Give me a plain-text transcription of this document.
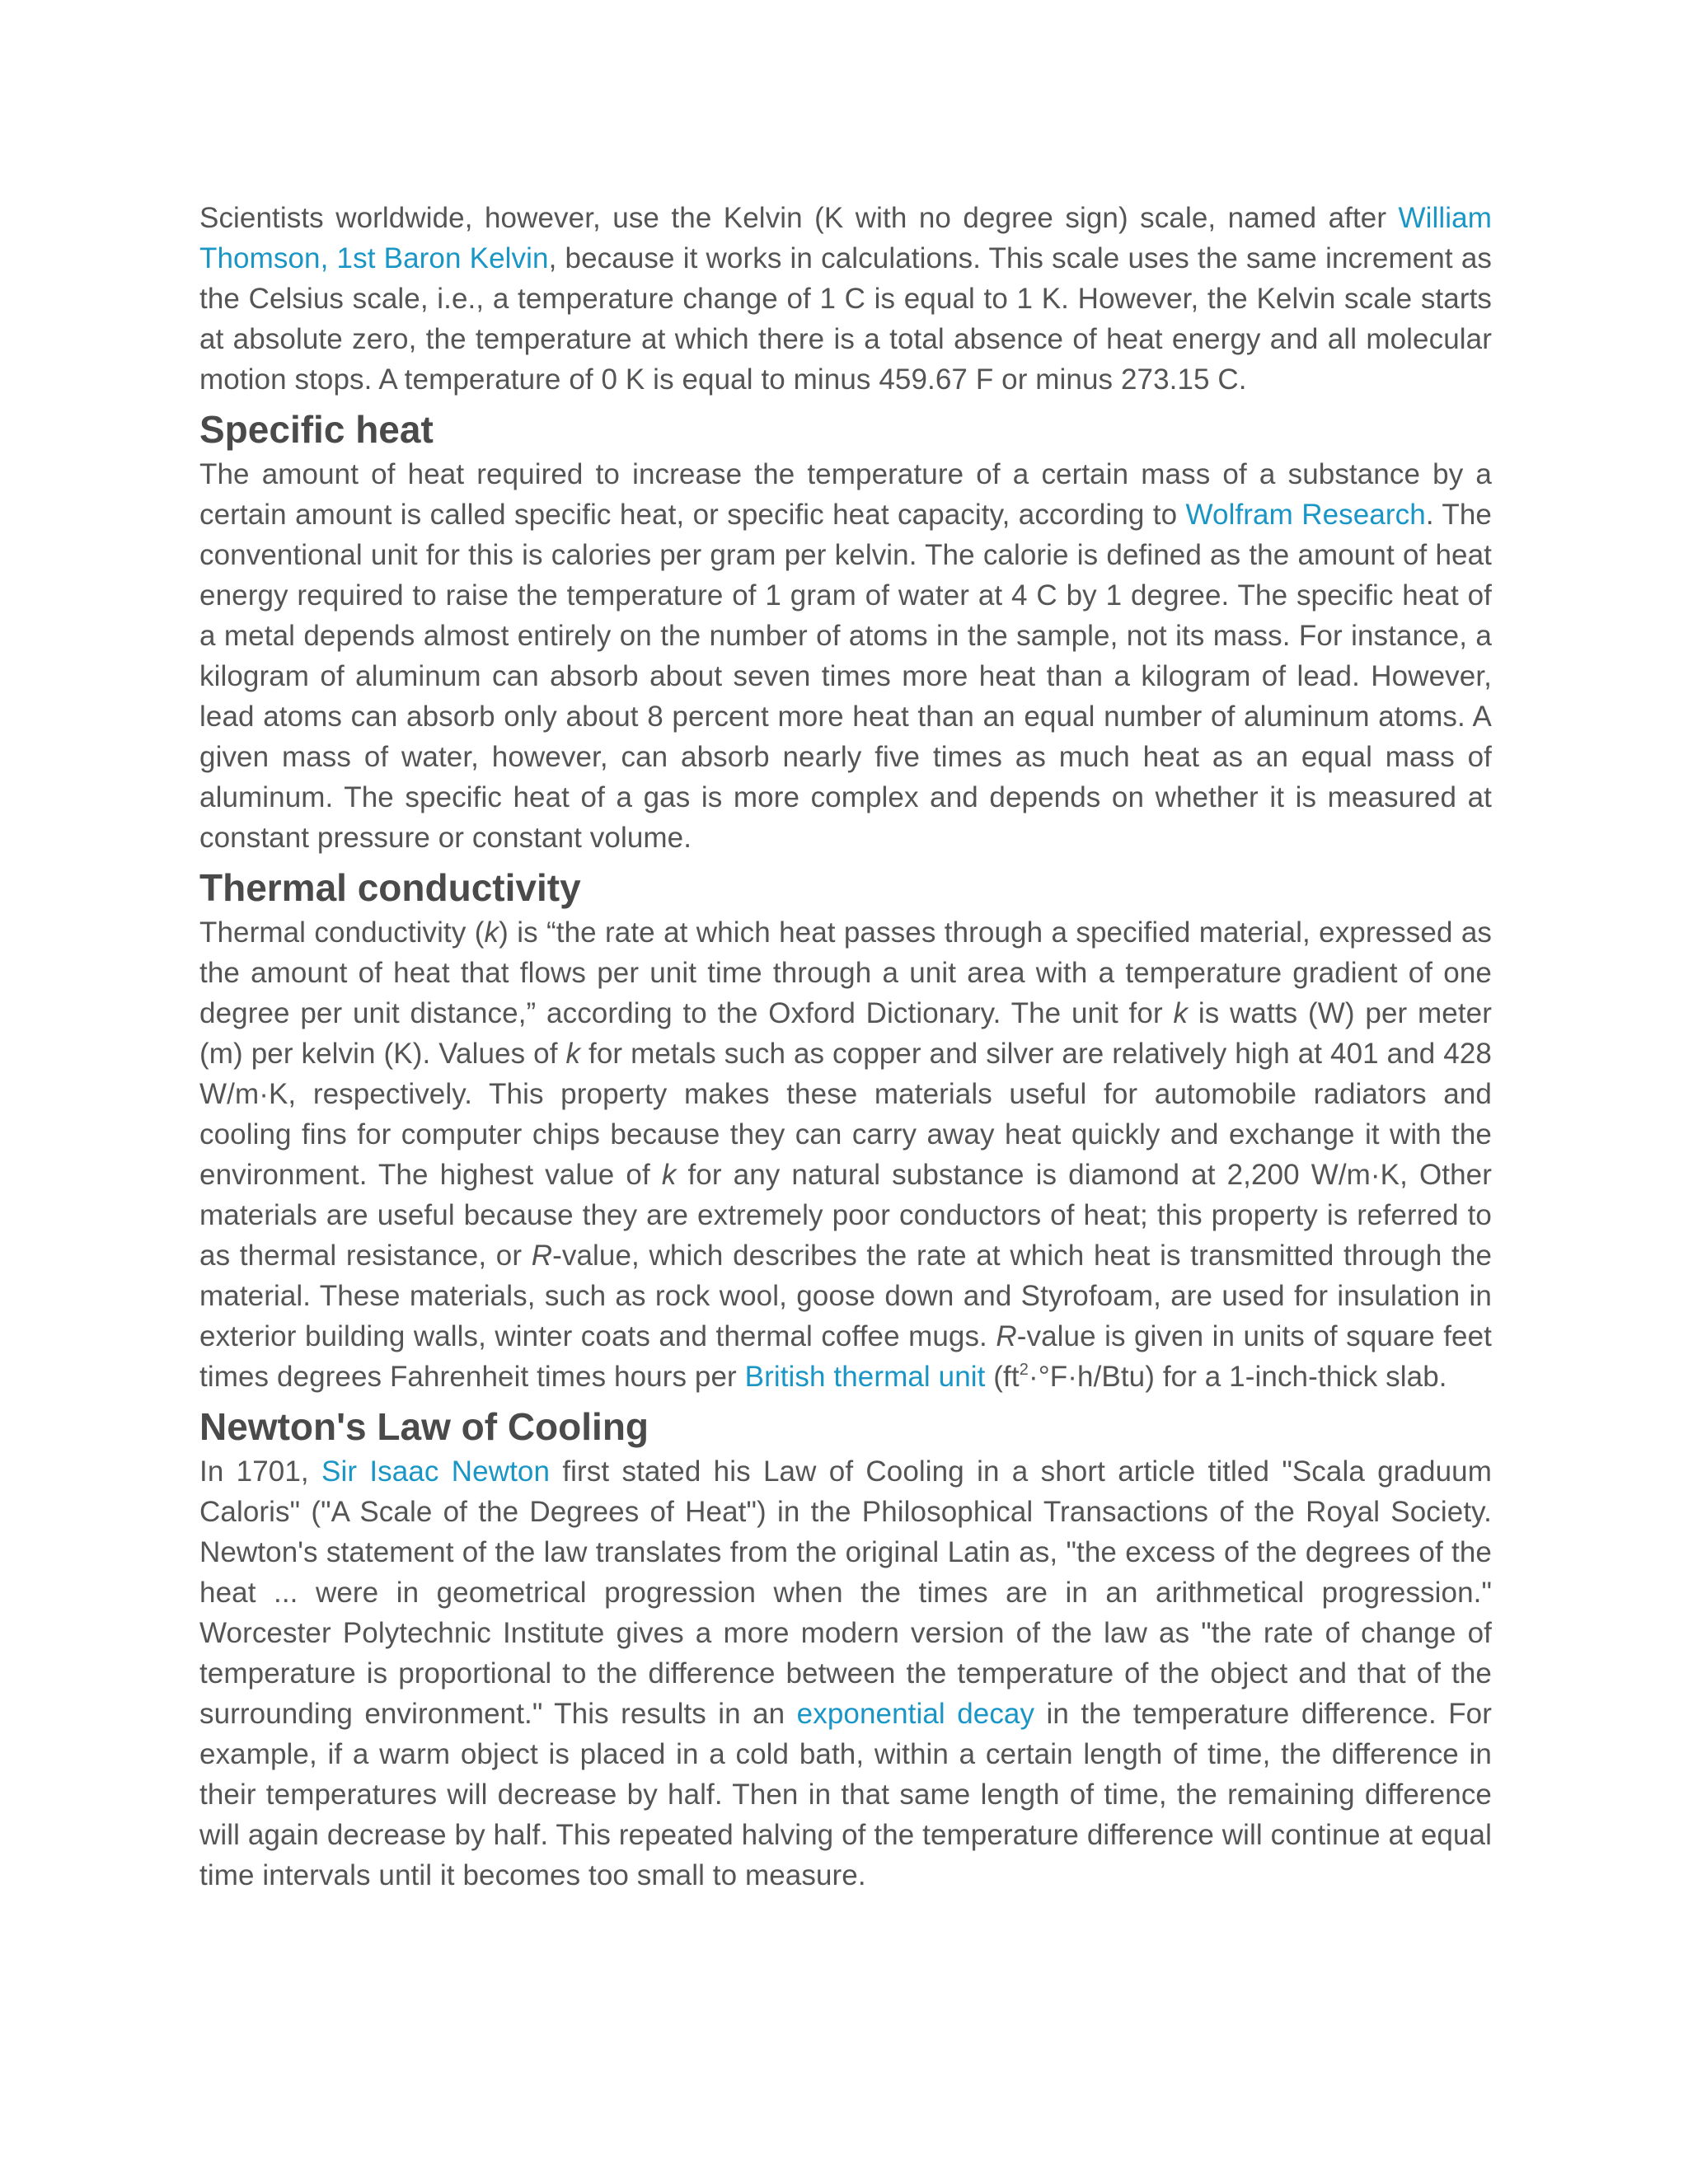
Scientists worldwide, however, use the Kelvin (K with no degree sign) scale, named after William Thomson, 1st Baron Kelvin, because it works in calculations. This scale uses the same increment as the Celsius scale, i.e., a temperature change of 1 C is equal to 1 K. However, the Kelvin scale starts at absolute zero, the temperature at which there is a total absence of heat energy and all molecular motion stops. A temperature of 0 K is equal to minus 459.67 F or minus 273.15 C.

Specific heat

The amount of heat required to increase the temperature of a certain mass of a substance by a certain amount is called specific heat, or specific heat capacity, according to Wolfram Research. The conventional unit for this is calories per gram per kelvin. The calorie is defined as the amount of heat energy required to raise the temperature of 1 gram of water at 4 C by 1 degree. The specific heat of a metal depends almost entirely on the number of atoms in the sample, not its mass. For instance, a kilogram of aluminum can absorb about seven times more heat than a kilogram of lead. However, lead atoms can absorb only about 8 percent more heat than an equal number of aluminum atoms. A given mass of water, however, can absorb nearly five times as much heat as an equal mass of aluminum. The specific heat of a gas is more complex and depends on whether it is measured at constant pressure or constant volume.

Thermal conductivity

Thermal conductivity (k) is “the rate at which heat passes through a specified material, expressed as the amount of heat that flows per unit time through a unit area with a temperature gradient of one degree per unit distance,” according to the Oxford Dictionary. The unit for k is watts (W) per meter (m) per kelvin (K). Values of k for metals such as copper and silver are relatively high at 401 and 428 W/m·K, respectively. This property makes these materials useful for automobile radiators and cooling fins for computer chips because they can carry away heat quickly and exchange it with the environment. The highest value of k for any natural substance is diamond at 2,200 W/m·K, Other materials are useful because they are extremely poor conductors of heat; this property is referred to as thermal resistance, or R-value, which describes the rate at which heat is transmitted through the material. These materials, such as rock wool, goose down and Styrofoam, are used for insulation in exterior building walls, winter coats and thermal coffee mugs. R-value is given in units of square feet times degrees Fahrenheit times hours per British thermal unit $(ft^2\cdot^\circ F\cdot h/Btu)$ for a 1-inch-thick slab.

Newton's Law of Cooling

In 1701, Sir Isaac Newton first stated his Law of Cooling in a short article titled "Scala graduum Caloris" ("A Scale of the Degrees of Heat") in the Philosophical Transactions of the Royal Society. Newton's statement of the law translates from the original Latin as, "the excess of the degrees of the heat ... were in geometrical progression when the times are in an arithmetical progression." Worcester Polytechnic Institute gives a more modern version of the law as "the rate of change of temperature is proportional to the difference between the temperature of the object and that of the surrounding environment." This results in an exponential decay in the temperature difference. For example, if a warm object is placed in a cold bath, within a certain length of time, the difference in their temperatures will decrease by half. Then in that same length of time, the remaining difference will again decrease by half. This repeated halving of the temperature difference will continue at equal time intervals until it becomes too small to measure.
